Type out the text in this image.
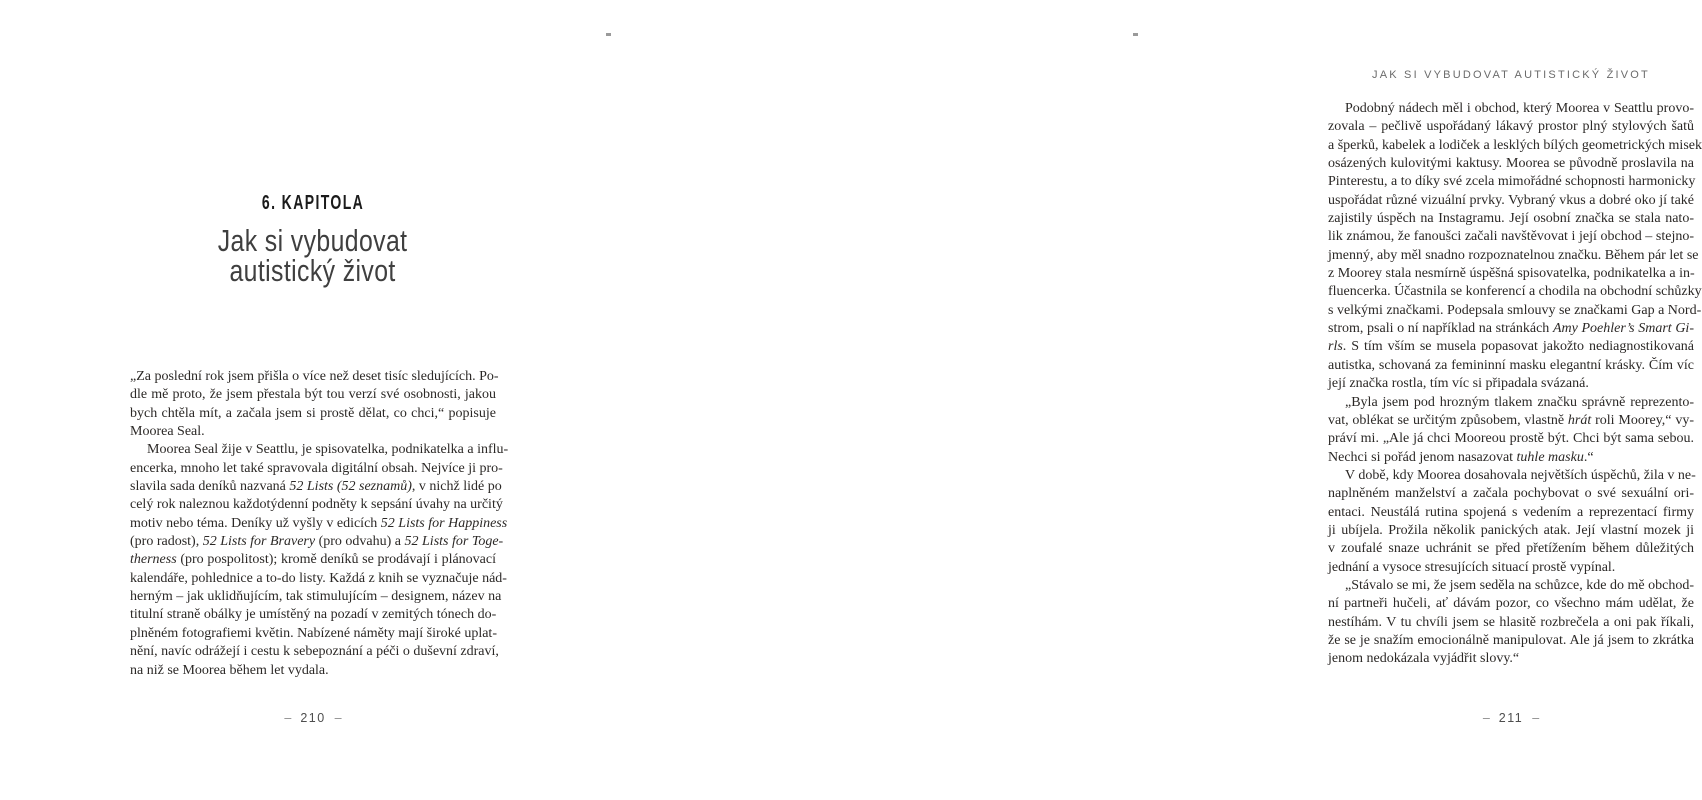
6. KAPITOLA
Jak si vybudovat
autistický život
„Za poslední rok jsem přišla o více než deset tisíc sledujících. Po-
dle mě proto, že jsem přestala být tou verzí své osobnosti, jakou
bych chtěla mít, a začala jsem si prostě dělat, co chci,“ popisuje
Moorea Seal.
Moorea Seal žije v Seattlu, je spisovatelka, podnikatelka a influ-
encerka, mnoho let také spravovala digitální obsah. Nejvíce ji pro-
slavila sada deníků nazvaná 52 Lists (52 seznamů), v nichž lidé po
celý rok naleznou každotýdenní podněty k sepsání úvahy na určitý
motiv nebo téma. Deníky už vyšly v edicích 52 Lists for Happiness
(pro radost), 52 Lists for Bravery (pro odvahu) a 52 Lists for Toge-
therness (pro pospolitost); kromě deníků se prodávají i plánovací
kalendáře, pohlednice a to-do listy. Každá z knih se vyznačuje nád-
herným – jak uklidňujícím, tak stimulujícím – designem, název na
titulní straně obálky je umístěný na pozadí v zemitých tónech do-
plněném fotografiemi květin. Nabízené náměty mají široké uplat-
nění, navíc odrážejí i cestu k sebepoznání a péči o duševní zdraví,
na niž se Moorea během let vydala.
– 210 –
JAK SI VYBUDOVAT AUTISTICKÝ ŽIVOT
Podobný nádech měl i obchod, který Moorea v Seattlu provo-
zovala – pečlivě uspořádaný lákavý prostor plný stylových šatů
a šperků, kabelek a lodiček a lesklých bílých geometrických misek
osázených kulovitými kaktusy. Moorea se původně proslavila na
Pinterestu, a to díky své zcela mimořádné schopnosti harmonicky
uspořádat různé vizuální prvky. Vybraný vkus a dobré oko jí také
zajistily úspěch na Instagramu. Její osobní značka se stala nato-
lik známou, že fanoušci začali navštěvovat i její obchod – stejno-
jmenný, aby měl snadno rozpoznatelnou značku. Během pár let se
z Moorey stala nesmírně úspěšná spisovatelka, podnikatelka a in-
fluencerka. Účastnila se konferencí a chodila na obchodní schůzky
s velkými značkami. Podepsala smlouvy se značkami Gap a Nord-
strom, psali o ní například na stránkách Amy Poehler’s Smart Gi-
rls. S tím vším se musela popasovat jakožto nediagnostikovaná
autistka, schovaná za femininní masku elegantní krásky. Čím víc
její značka rostla, tím víc si připadala svázaná.
„Byla jsem pod hrozným tlakem značku správně reprezento-
vat, oblékat se určitým způsobem, vlastně hrát roli Moorey,“ vy-
práví mi. „Ale já chci Mooreou prostě být. Chci být sama sebou.
Nechci si pořád jenom nasazovat tuhle masku.“
V době, kdy Moorea dosahovala největších úspěchů, žila v ne-
naplněném manželství a začala pochybovat o své sexuální ori-
entaci. Neustálá rutina spojená s vedením a reprezentací firmy
ji ubíjela. Prožila několik panických atak. Její vlastní mozek ji
v zoufalé snaze uchránit se před přetížením během důležitých
jednání a vysoce stresujících situací prostě vypínal.
„Stávalo se mi, že jsem seděla na schůzce, kde do mě obchod-
ní partneři hučeli, ať dávám pozor, co všechno mám udělat, že
nestíhám. V tu chvíli jsem se hlasitě rozbrečela a oni pak říkali,
že se je snažím emocionálně manipulovat. Ale já jsem to zkrátka
jenom nedokázala vyjádřit slovy.“
– 211 –
